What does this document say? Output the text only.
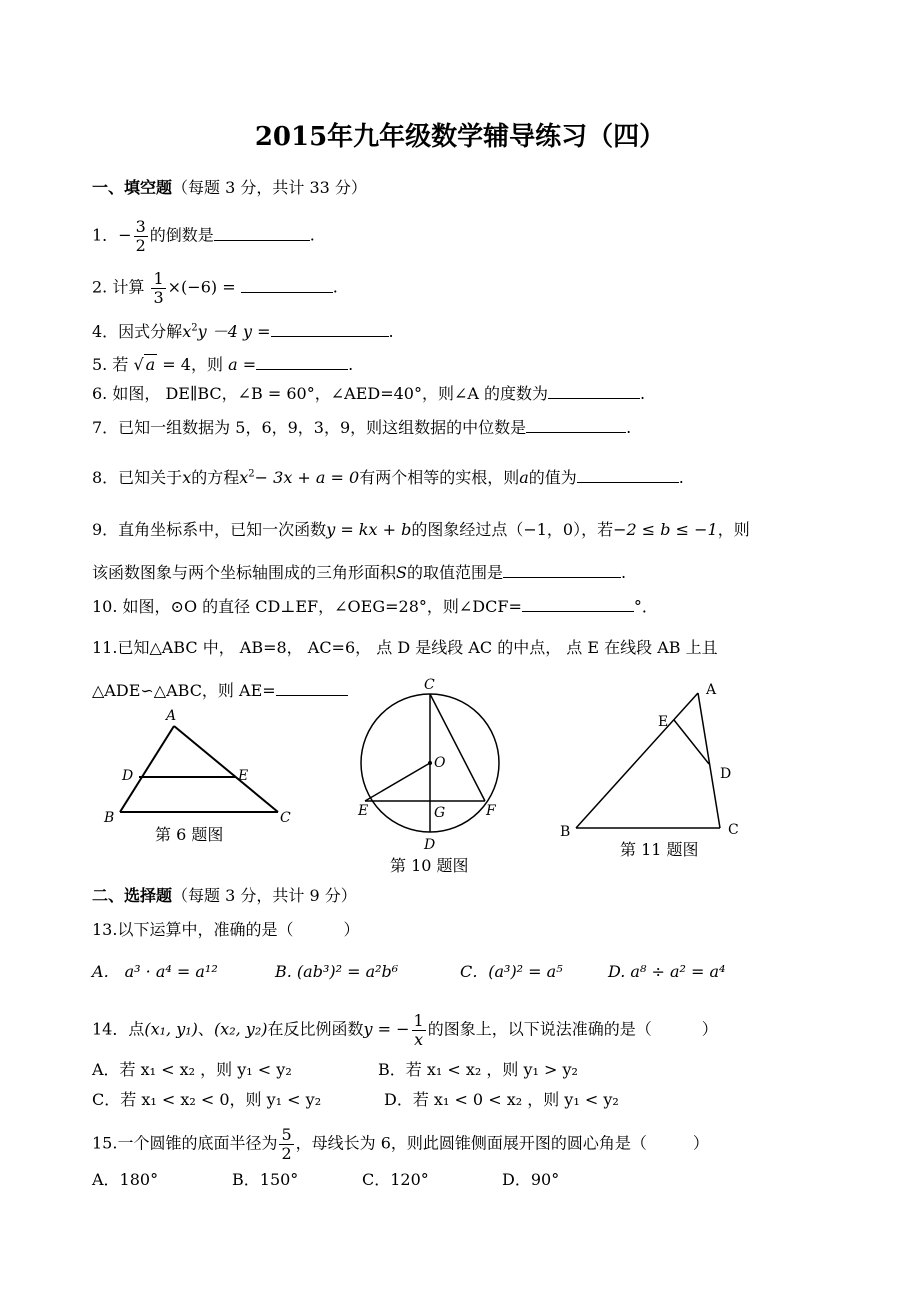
2015年九年级数学辅导练习（四）
一、填空题（每题 3 分，共计 33 分）
1．− $\frac{3}{2}$ 的倒数是	.
2. 计算 $\frac{1}{3} \times(-6)$ =	.
4．因式分解$x^2y -4$ y =	.
5. 若 √ a = 4，则 a =	.
6. 如图， DE∥BC，∠B = 60°，∠AED=40°，则∠A 的度数为	.
7．已知一组数据为 5，6，9，3，9，则这组数据的中位数是	.
8．已知关于x的方程$x^2- 3x + a = 0$有两个相等的实根，则a的值为	.
9．直角坐标系中，已知一次函数y = kx + b的图象经过点（−1，0），若−2 ≤ b ≤ −1，则
该函数图象与两个坐标轴围成的三角形面积S的取值范围是	.
10. 如图，⊙O 的直径 CD⊥EF，∠OEG=28°，则∠DCF=	°．
11.已知△ABC 中， AB=8， AC=6， 点 D 是线段 AC 的中点， 点 E 在线段 AB 上且
△ADE∽△ABC，则 AE=
A
D	E
B	C
第 6 题图
C
O
E	G	F
D
第 10 题图
A
E
D
B	C
第 11 题图
二、选择题（每题 3 分，共计 9 分）
13.以下运算中，准确的是（	）
A． a³ · a⁴ = a¹²	B. (ab³)² = a²b⁶	C．(a³)² = a⁵	D. a⁸ ÷ a² = a⁴
14．点(x₁, y₁)、(x₂, y₂)在反比例函数y = − $\frac{1}{x}$ 的图象上，以下说法准确的是（	）
A．若 x₁ < x₂ ，则 y₁ < y₂	B．若 x₁ < x₂ ，则 y₁ > y₂
C．若 x₁ < x₂ < 0，则 y₁ < y₂	D．若 x₁ < 0 < x₂ ，则 y₁ < y₂
15.一个圆锥的底面半径为 $\frac{5}{2}$ ，母线长为 6，则此圆锥侧面展开图的圆心角是（	）
A．180°	B．150°	C．120°	D．90°
